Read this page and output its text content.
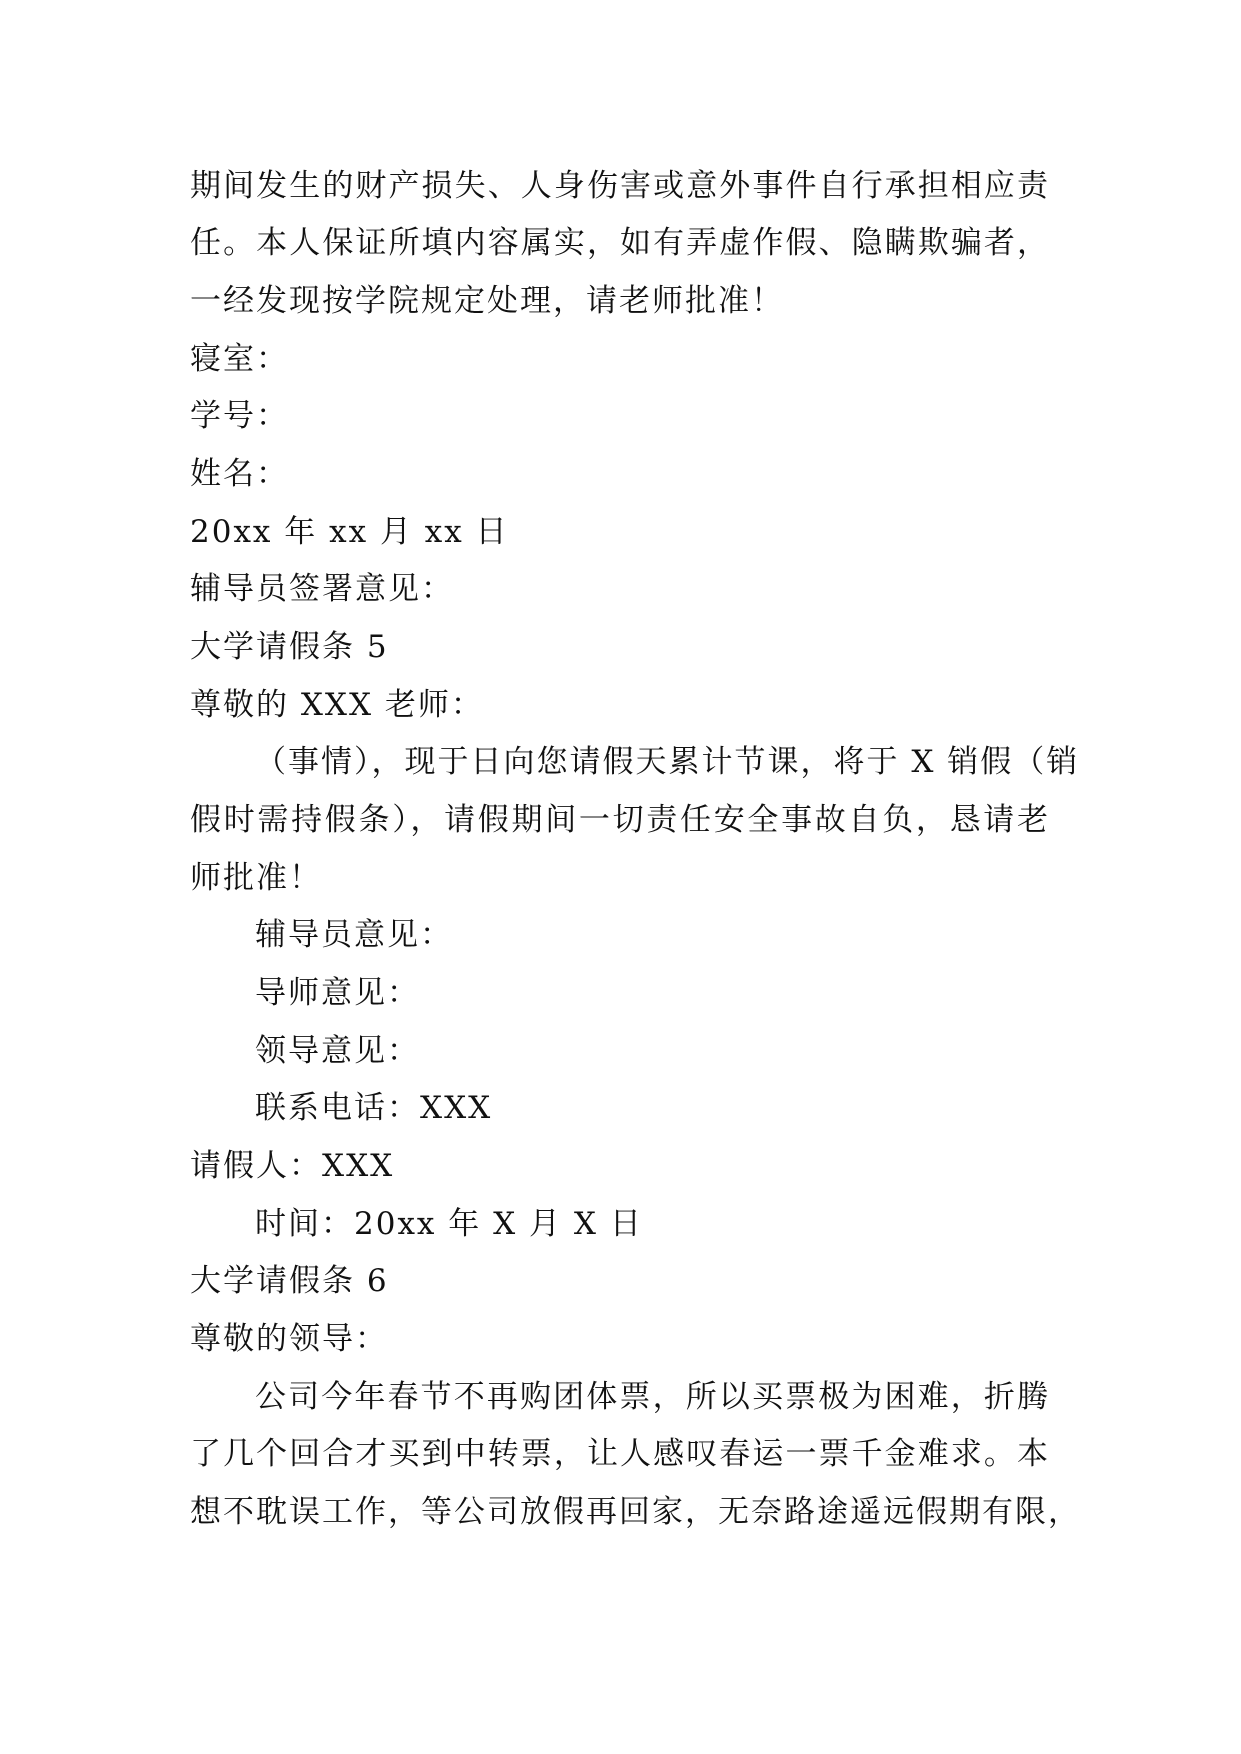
期间发生的财产损失、人身伤害或意外事件自行承担相应责
任。本人保证所填内容属实，如有弄虚作假、隐瞒欺骗者，
一经发现按学院规定处理，请老师批准！
寝室：
学号：
姓名：
20xx 年 xx 月 xx 日
辅导员签署意见：
大学请假条 5
尊敬的 XXX 老师：
（事情），现于日向您请假天累计节课，将于 X 销假（销
假时需持假条），请假期间一切责任安全事故自负，恳请老
师批准！
辅导员意见：
导师意见：
领导意见：
联系电话：XXX
请假人：XXX
时间：20xx 年 X 月 X 日
大学请假条 6
尊敬的领导：
公司今年春节不再购团体票，所以买票极为困难，折腾
了几个回合才买到中转票，让人感叹春运一票千金难求。本
想不耽误工作，等公司放假再回家，无奈路途遥远假期有限，
